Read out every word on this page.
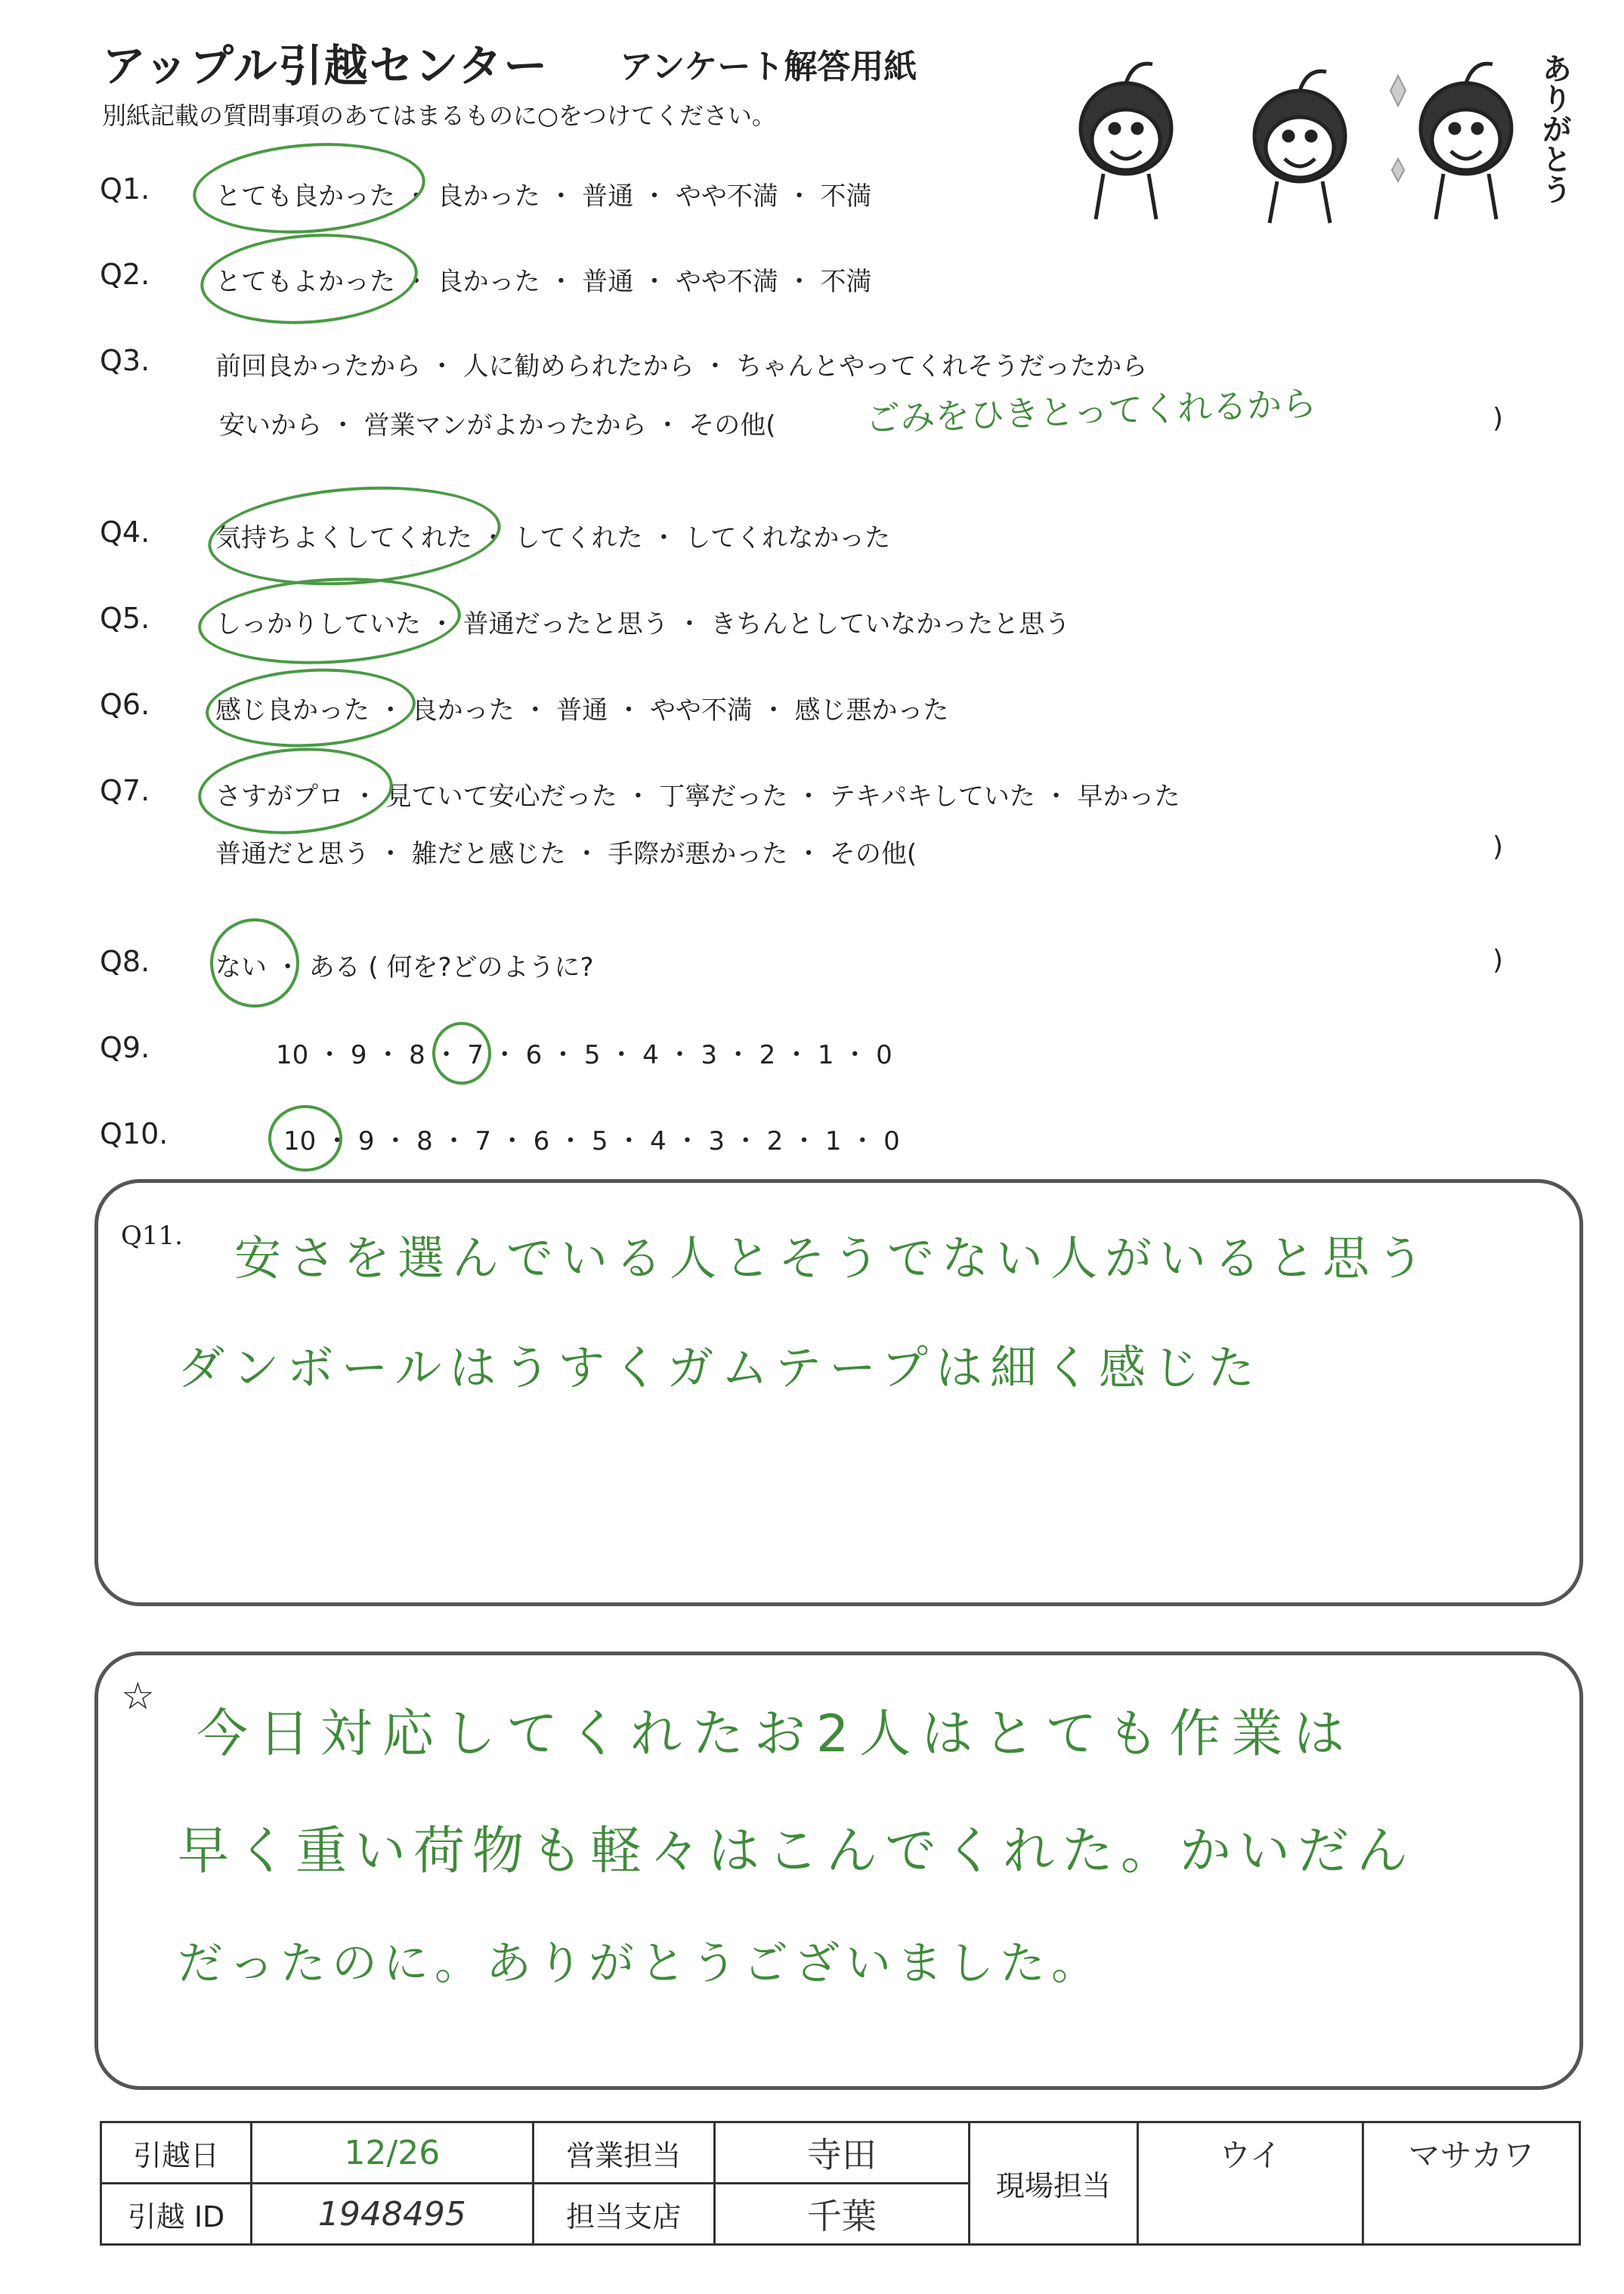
アップル引越センター アンケート解答用紙
別紙記載の質問事項のあてはまるものに○をつけてください。	ありがとう
Q1.	とても良かった ・ 良かった ・ 普通 ・ やや不満 ・ 不満
Q2.	とてもよかった ・ 良かった ・ 普通 ・ やや不満 ・ 不満
Q3.	前回良かったから ・ 人に勧められたから ・ ちゃんとやってくれそうだったから
安いから ・ 営業マンがよかったから ・ その他(	ごみをひきとってくれるから	)
Q4.	気持ちよくしてくれた ・ してくれた ・ してくれなかった
Q5.	しっかりしていた ・ 普通だったと思う ・ きちんとしていなかったと思う
Q6.	感じ良かった ・ 良かった ・ 普通 ・ やや不満 ・ 感じ悪かった
Q7.	さすがプロ ・ 見ていて安心だった ・ 丁寧だった ・ テキパキしていた ・ 早かった
普通だと思う ・ 雑だと感じた ・ 手際が悪かった ・ その他(	)
Q8.	ない ・ ある ( 何を?どのように?	)
Q9.	10 ・ 9 ・ 8 ・ 7 ・ 6 ・ 5 ・ 4 ・ 3 ・ 2 ・ 1 ・ 0
Q10.	10 ・ 9 ・ 8 ・ 7 ・ 6 ・ 5 ・ 4 ・ 3 ・ 2 ・ 1 ・ 0
Q11. 安さを選んでいる人とそうでない人がいると思う
ダンボールはうすくガムテープは細く感じた
☆
今日対応してくれたお2人はとても作業は
早く重い荷物も軽々はこんでくれた。かいだん
だったのに。ありがとうございました。
引越日	12/26	営業担当	寺田	現場担当	ウイ	マサカワ
引越 ID	1948495	担当支店	千葉			
